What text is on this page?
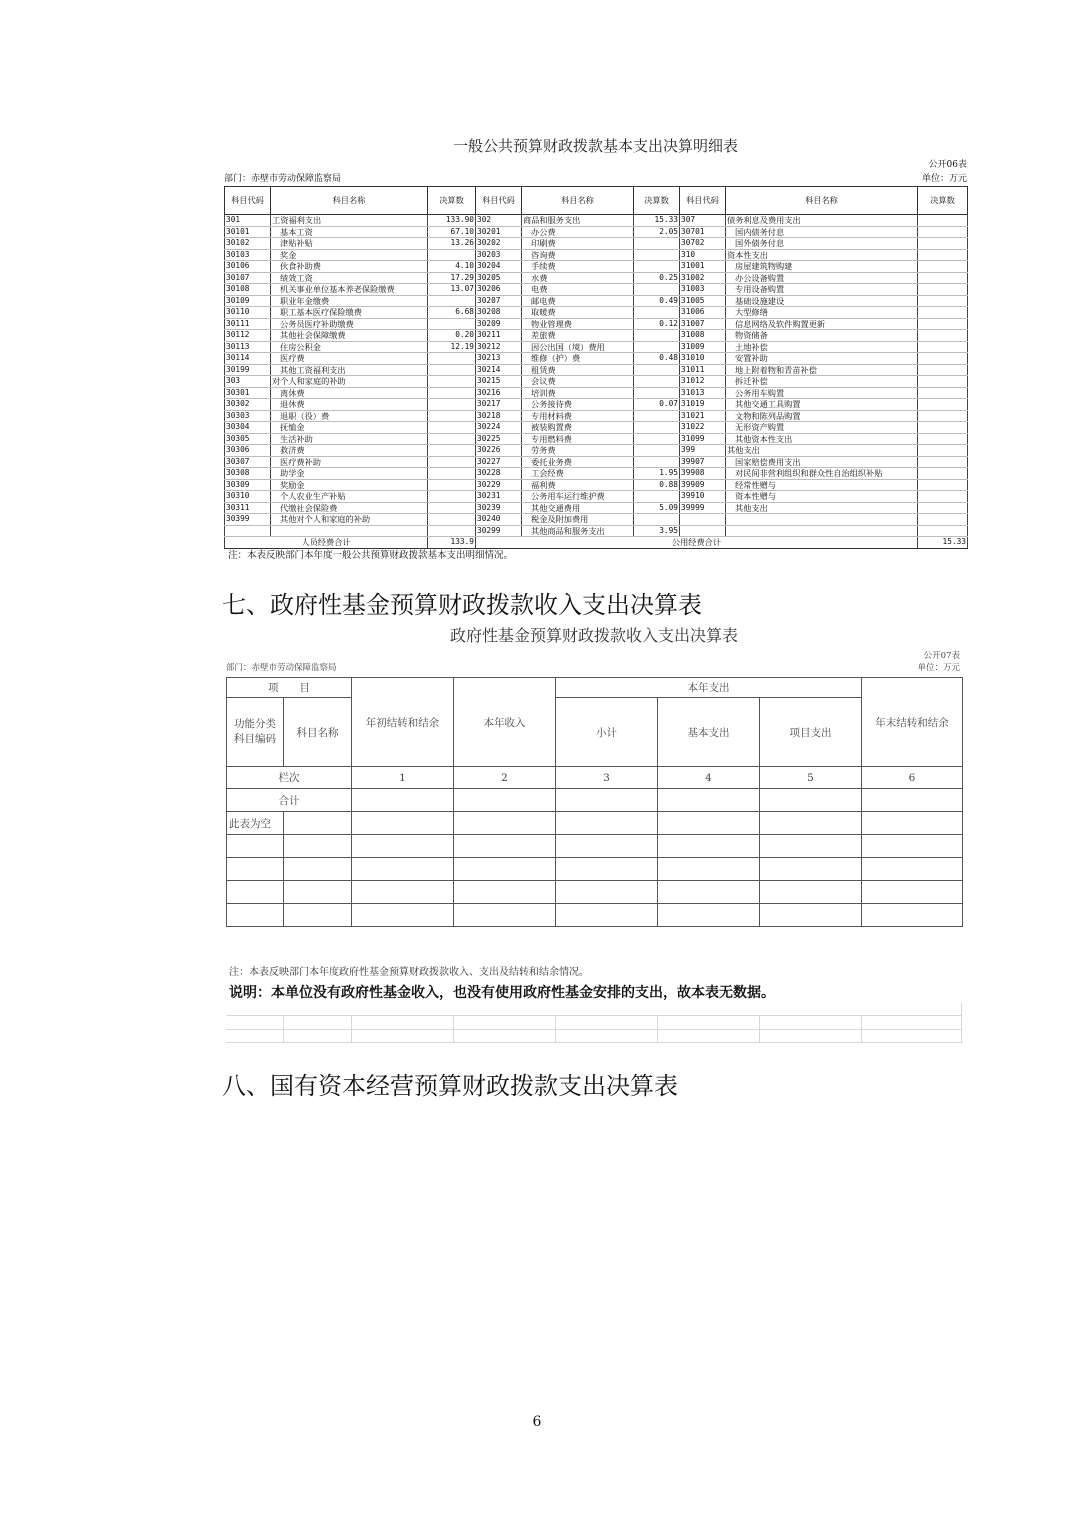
一般公共预算财政拨款基本支出决算明细表
公开06表
部门：赤壁市劳动保障监察局	单位：万元
科目代码	科目名称	决算数	科目代码	科目名称	决算数	科目代码	科目名称	决算数
301	工资福利支出	133.90	302	商品和服务支出	15.33	307	债务利息及费用支出	
30101	基本工资	67.10	30201	办公费	2.05	30701	国内债务付息	
30102	津贴补贴	13.26	30202	印刷费		30702	国外债务付息	
30103	奖金		30203	咨询费		310	资本性支出	
30106	伙食补助费	4.10	30204	手续费		31001	房屋建筑物购建	
30107	绩效工资	17.29	30205	水费	0.25	31002	办公设备购置	
30108	机关事业单位基本养老保险缴费	13.07	30206	电费		31003	专用设备购置	
30109	职业年金缴费		30207	邮电费	0.49	31005	基础设施建设	
30110	职工基本医疗保险缴费	6.68	30208	取暖费		31006	大型修缮	
30111	公务员医疗补助缴费		30209	物业管理费	0.12	31007	信息网络及软件购置更新	
30112	其他社会保障缴费	0.20	30211	差旅费		31008	物资储备	
30113	住房公积金	12.19	30212	因公出国（境）费用		31009	土地补偿	
30114	医疗费		30213	维修（护）费	0.48	31010	安置补助	
30199	其他工资福利支出		30214	租赁费		31011	地上附着物和青苗补偿	
303	对个人和家庭的补助		30215	会议费		31012	拆迁补偿	
30301	离休费		30216	培训费		31013	公务用车购置	
30302	退休费		30217	公务接待费	0.07	31019	其他交通工具购置	
30303	退职（役）费		30218	专用材料费		31021	文物和陈列品购置	
30304	抚恤金		30224	被装购置费		31022	无形资产购置	
30305	生活补助		30225	专用燃料费		31099	其他资本性支出	
30306	救济费		30226	劳务费		399	其他支出	
30307	医疗费补助		30227	委托业务费		39907	国家赔偿费用支出	
30308	助学金		30228	工会经费	1.95	39908	对民间非营利组织和群众性自治组织补贴	
30309	奖励金		30229	福利费	0.88	39909	经常性赠与	
30310	个人农业生产补贴		30231	公务用车运行维护费		39910	资本性赠与	
30311	代缴社会保险费		30239	其他交通费用	5.09	39999	其他支出	
30399	其他对个人和家庭的补助		30240	税金及附加费用				
			30299	其他商品和服务支出	3.95			
人员经费合计		133.9	公用经费合计					15.33
注：本表反映部门本年度一般公共预算财政拨款基本支出明细情况。
七、政府性基金预算财政拨款收入支出决算表
政府性基金预算财政拨款收入支出决算表
公开07表
部门：赤壁市劳动保障监察局	单位：万元
项　　目		年初结转和结余	本年收入	本年支出			年末结转和结余
功能分类科目编码	科目名称			小计	基本支出	项目支出	
栏次		1	2	3	4	5	6
合计							
此表为空							

注：本表反映部门本年度政府性基金预算财政拨款收入、支出及结转和结余情况。
说明：本单位没有政府性基金收入，也没有使用政府性基金安排的支出，故本表无数据。
八、国有资本经营预算财政拨款支出决算表
6
